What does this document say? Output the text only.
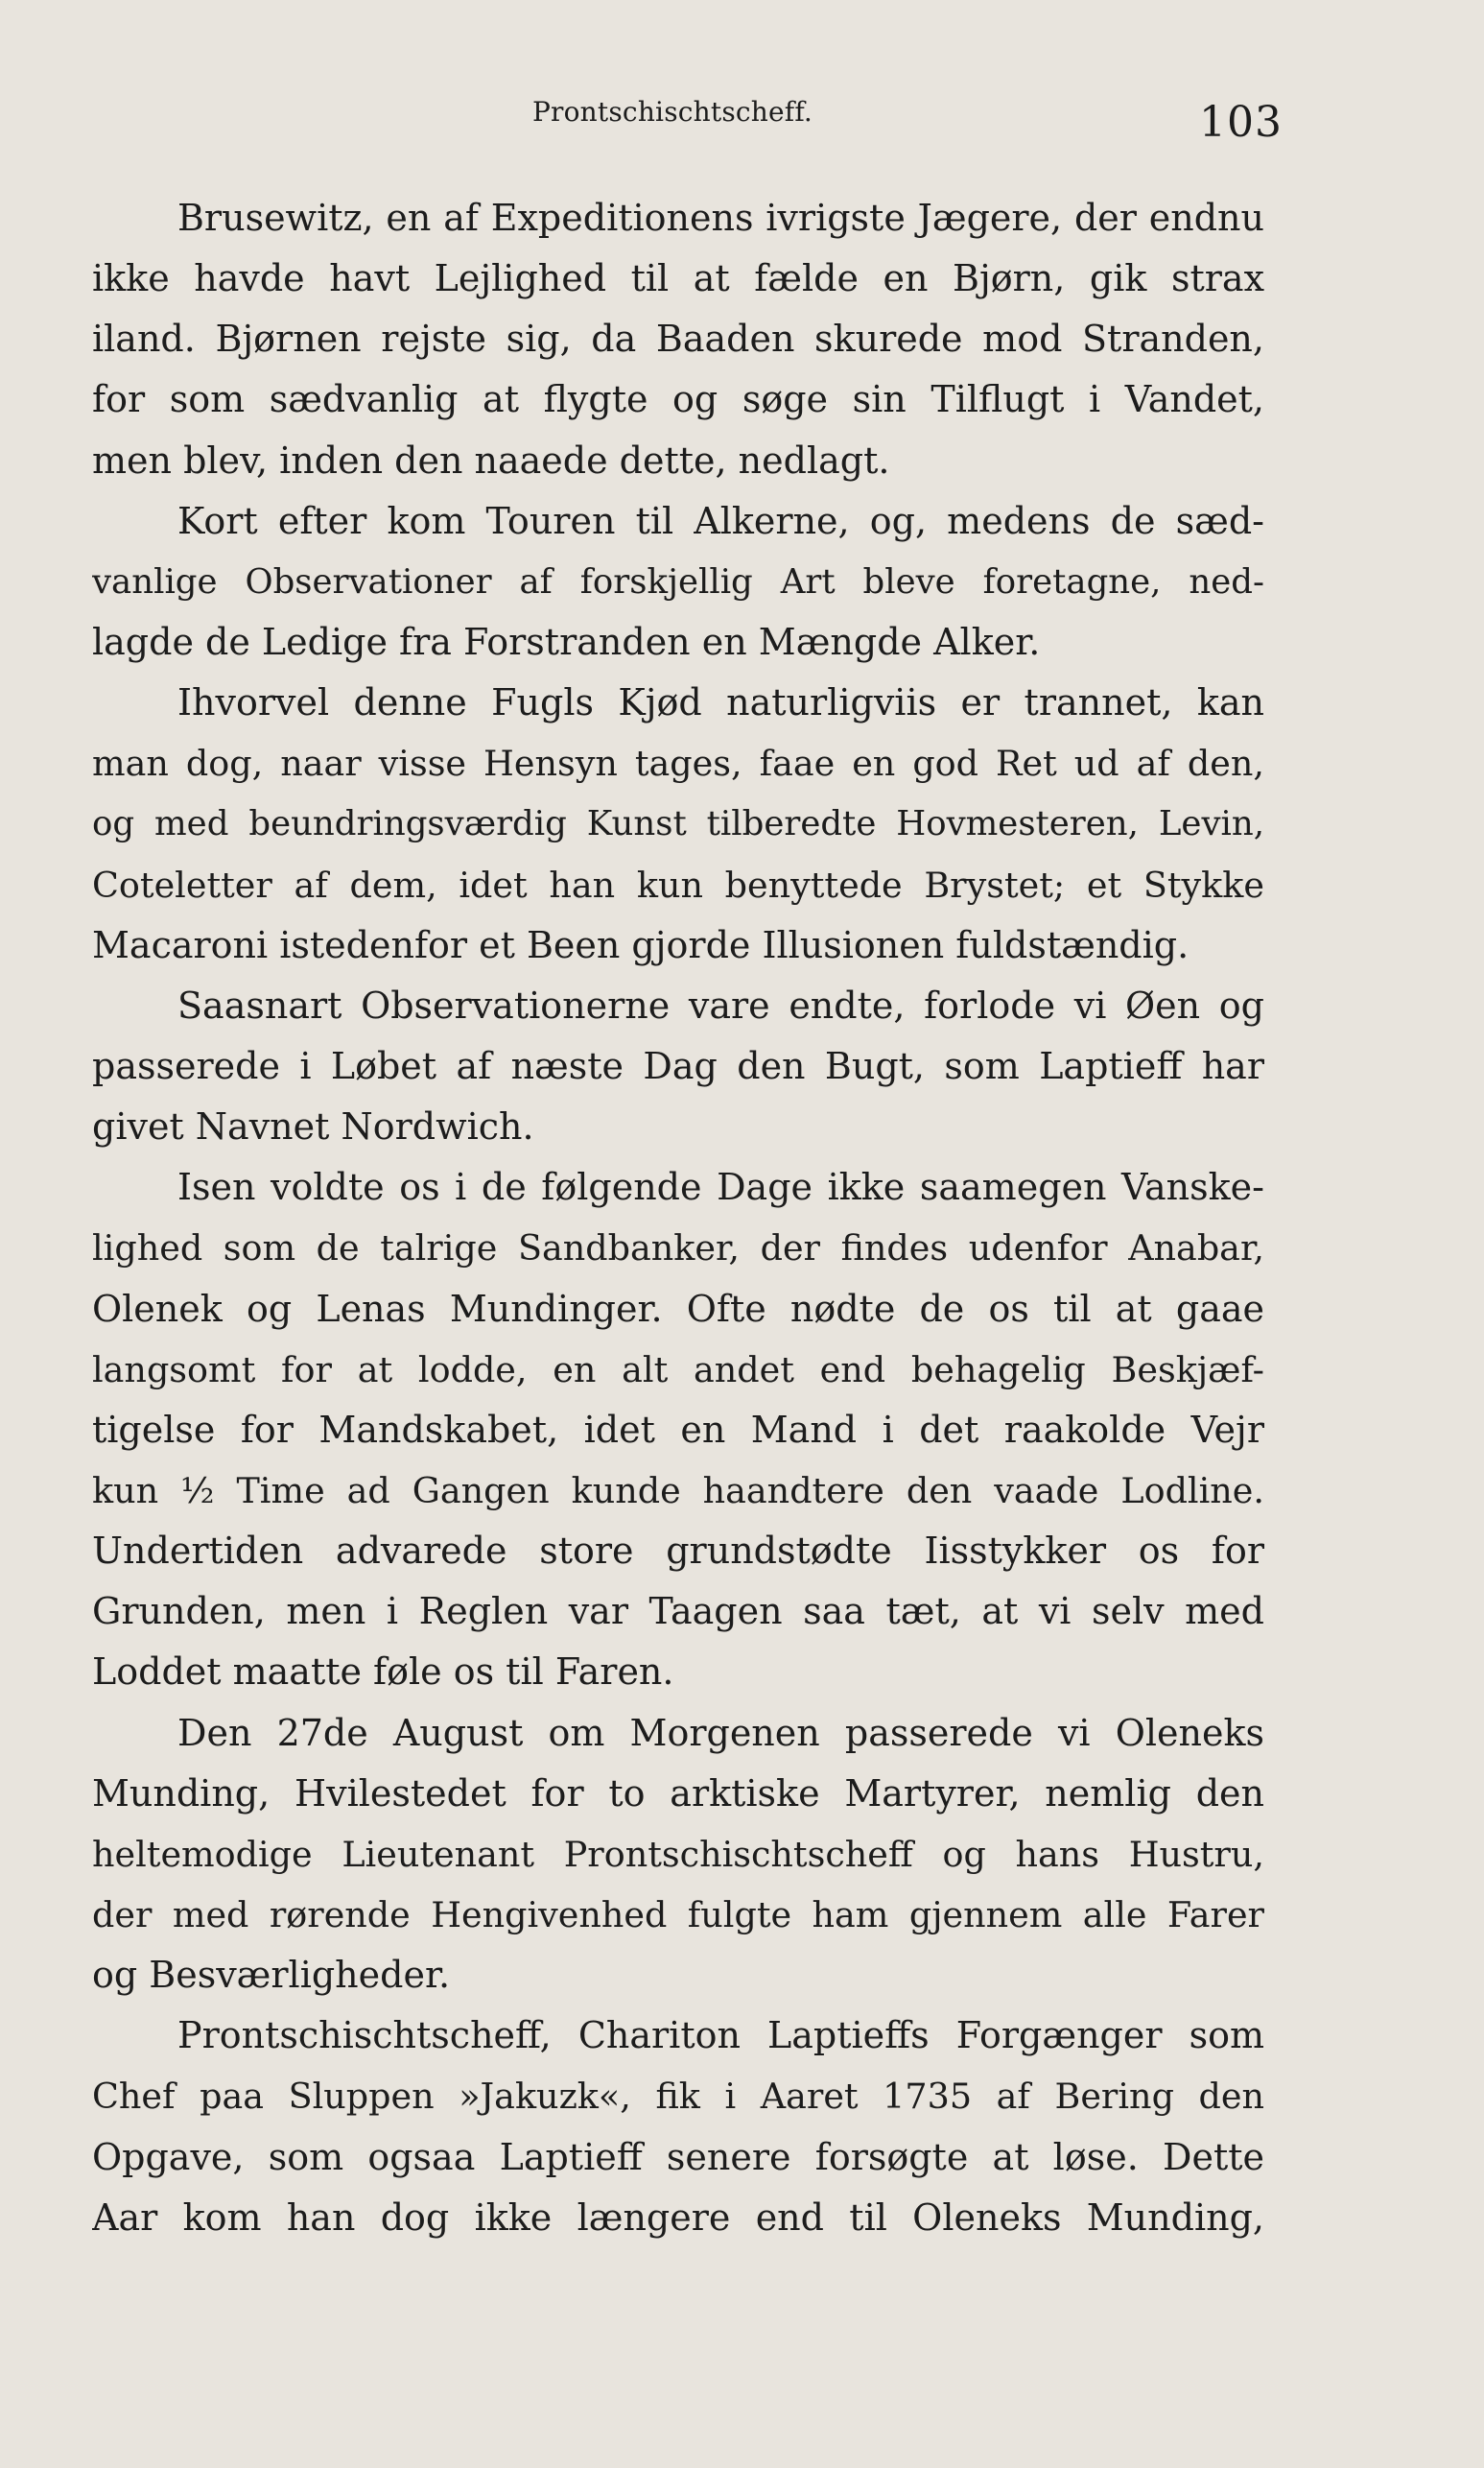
Prontschischtscheff.	103
Brusewitz, en af Expeditionens ivrigste Jægere, der endnu
ikke havde havt Lejlighed til at fælde en Bjørn, gik strax
iland. Bjørnen rejste sig, da Baaden skurede mod Stranden,
for som sædvanlig at flygte og søge sin Tilflugt i Vandet,
men blev, inden den naaede dette, nedlagt.
Kort efter kom Touren til Alkerne, og, medens de sæd-
vanlige Observationer af forskjellig Art bleve foretagne, ned-
lagde de Ledige fra Forstranden en Mængde Alker.
Ihvorvel denne Fugls Kjød naturligviis er trannet, kan
man dog, naar visse Hensyn tages, faae en god Ret ud af den,
og med beundringsværdig Kunst tilberedte Hovmesteren, Levin,
Coteletter af dem, idet han kun benyttede Brystet; et Stykke
Macaroni istedenfor et Been gjorde Illusionen fuldstændig.
Saasnart Observationerne vare endte, forlode vi Øen og
passerede i Løbet af næste Dag den Bugt, som Laptieff har
givet Navnet Nordwich.
Isen voldte os i de følgende Dage ikke saamegen Vanske-
lighed som de talrige Sandbanker, der findes udenfor Anabar,
Olenek og Lenas Mundinger. Ofte nødte de os til at gaae
langsomt for at lodde, en alt andet end behagelig Beskjæf-
tigelse for Mandskabet, idet en Mand i det raakolde Vejr
kun ½ Time ad Gangen kunde haandtere den vaade Lodline.
Undertiden advarede store grundstødte Iisstykker os for
Grunden, men i Reglen var Taagen saa tæt, at vi selv med
Loddet maatte føle os til Faren.
Den 27de August om Morgenen passerede vi Oleneks
Munding, Hvilestedet for to arktiske Martyrer, nemlig den
heltemodige Lieutenant Prontschischtscheff og hans Hustru,
der med rørende Hengivenhed fulgte ham gjennem alle Farer
og Besværligheder.
Prontschischtscheff, Chariton Laptieffs Forgænger som
Chef paa Sluppen »Jakuzk«, fik i Aaret 1735 af Bering den
Opgave, som ogsaa Laptieff senere forsøgte at løse. Dette
Aar kom han dog ikke længere end til Oleneks Munding,
